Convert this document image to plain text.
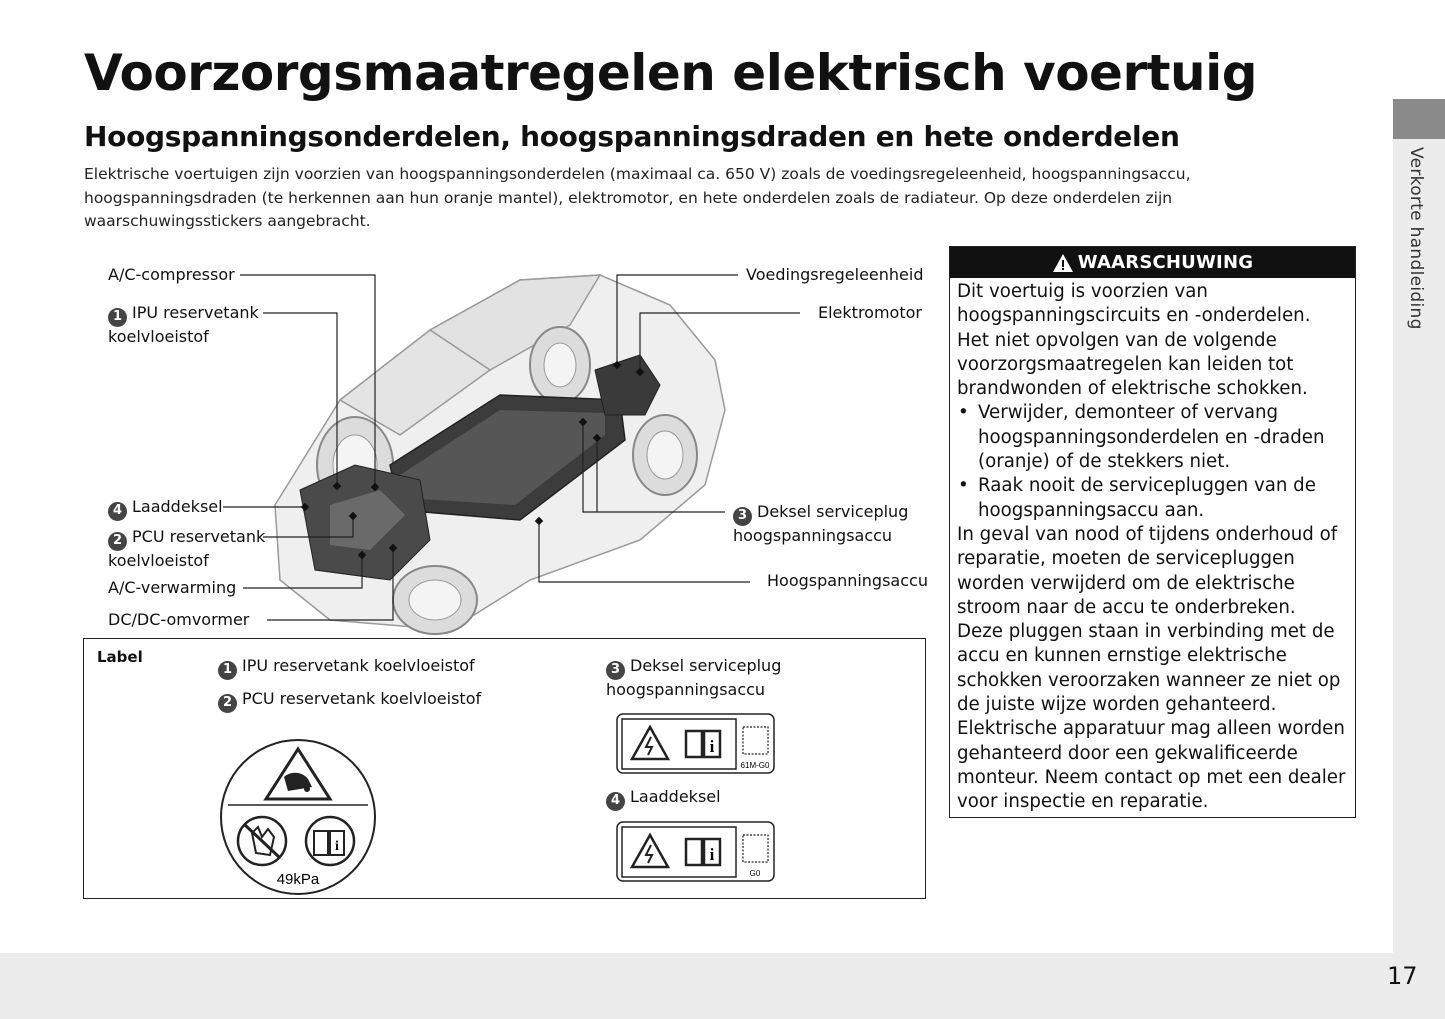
Voorzorgsmaatregelen elektrisch voertuig
Hoogspanningsonderdelen, hoogspanningsdraden en hete onderdelen

Elektrische voertuigen zijn voorzien van hoogspanningsonderdelen (maximaal ca. 650 V) zoals de voedingsregeleenheid, hoogspanningsaccu, hoogspanningsdraden (te herkennen aan hun oranje mantel), elektromotor, en hete onderdelen zoals de radiateur. Op deze onderdelen zijn waarschuwingsstickers aangebracht.	Verkorte handleiding
A/C-compressor
1 IPU reservetank
koelvloeistof
4 Laaddeksel
2 PCU reservetank
koelvloeistof
A/C-verwarming
DC/DC-omvormer
Voedingsregeleenheid
Elektromotor
3 Deksel serviceplug
hoogspanningsaccu
Hoogspanningsaccu
Label
1 IPU reservetank koelvloeistof
2 PCU reservetank koelvloeistof
3 Deksel serviceplug
hoogspanningsaccu
4 Laaddeksel
i
49kPa
i
61M-G0
i
G0
WAARSCHUWING

Dit voertuig is voorzien van hoogspanningscircuits en -onderdelen. Het niet opvolgen van de volgende voorzorgsmaatregelen kan leiden tot brandwonden of elektrische schokken.

• Verwijder, demonteer of vervang hoogspanningsonderdelen en -draden (oranje) of de stekkers niet.
• Raak nooit de servicepluggen van de hoogspanningsaccu aan.

In geval van nood of tijdens onderhoud of reparatie, moeten de servicepluggen worden verwijderd om de elektrische stroom naar de accu te onderbreken. Deze pluggen staan in verbinding met de accu en kunnen ernstige elektrische schokken veroorzaken wanneer ze niet op de juiste wijze worden gehanteerd.

Elektrische apparatuur mag alleen worden gehanteerd door een gekwalificeerde monteur. Neem contact op met een dealer voor inspectie en reparatie.

17
